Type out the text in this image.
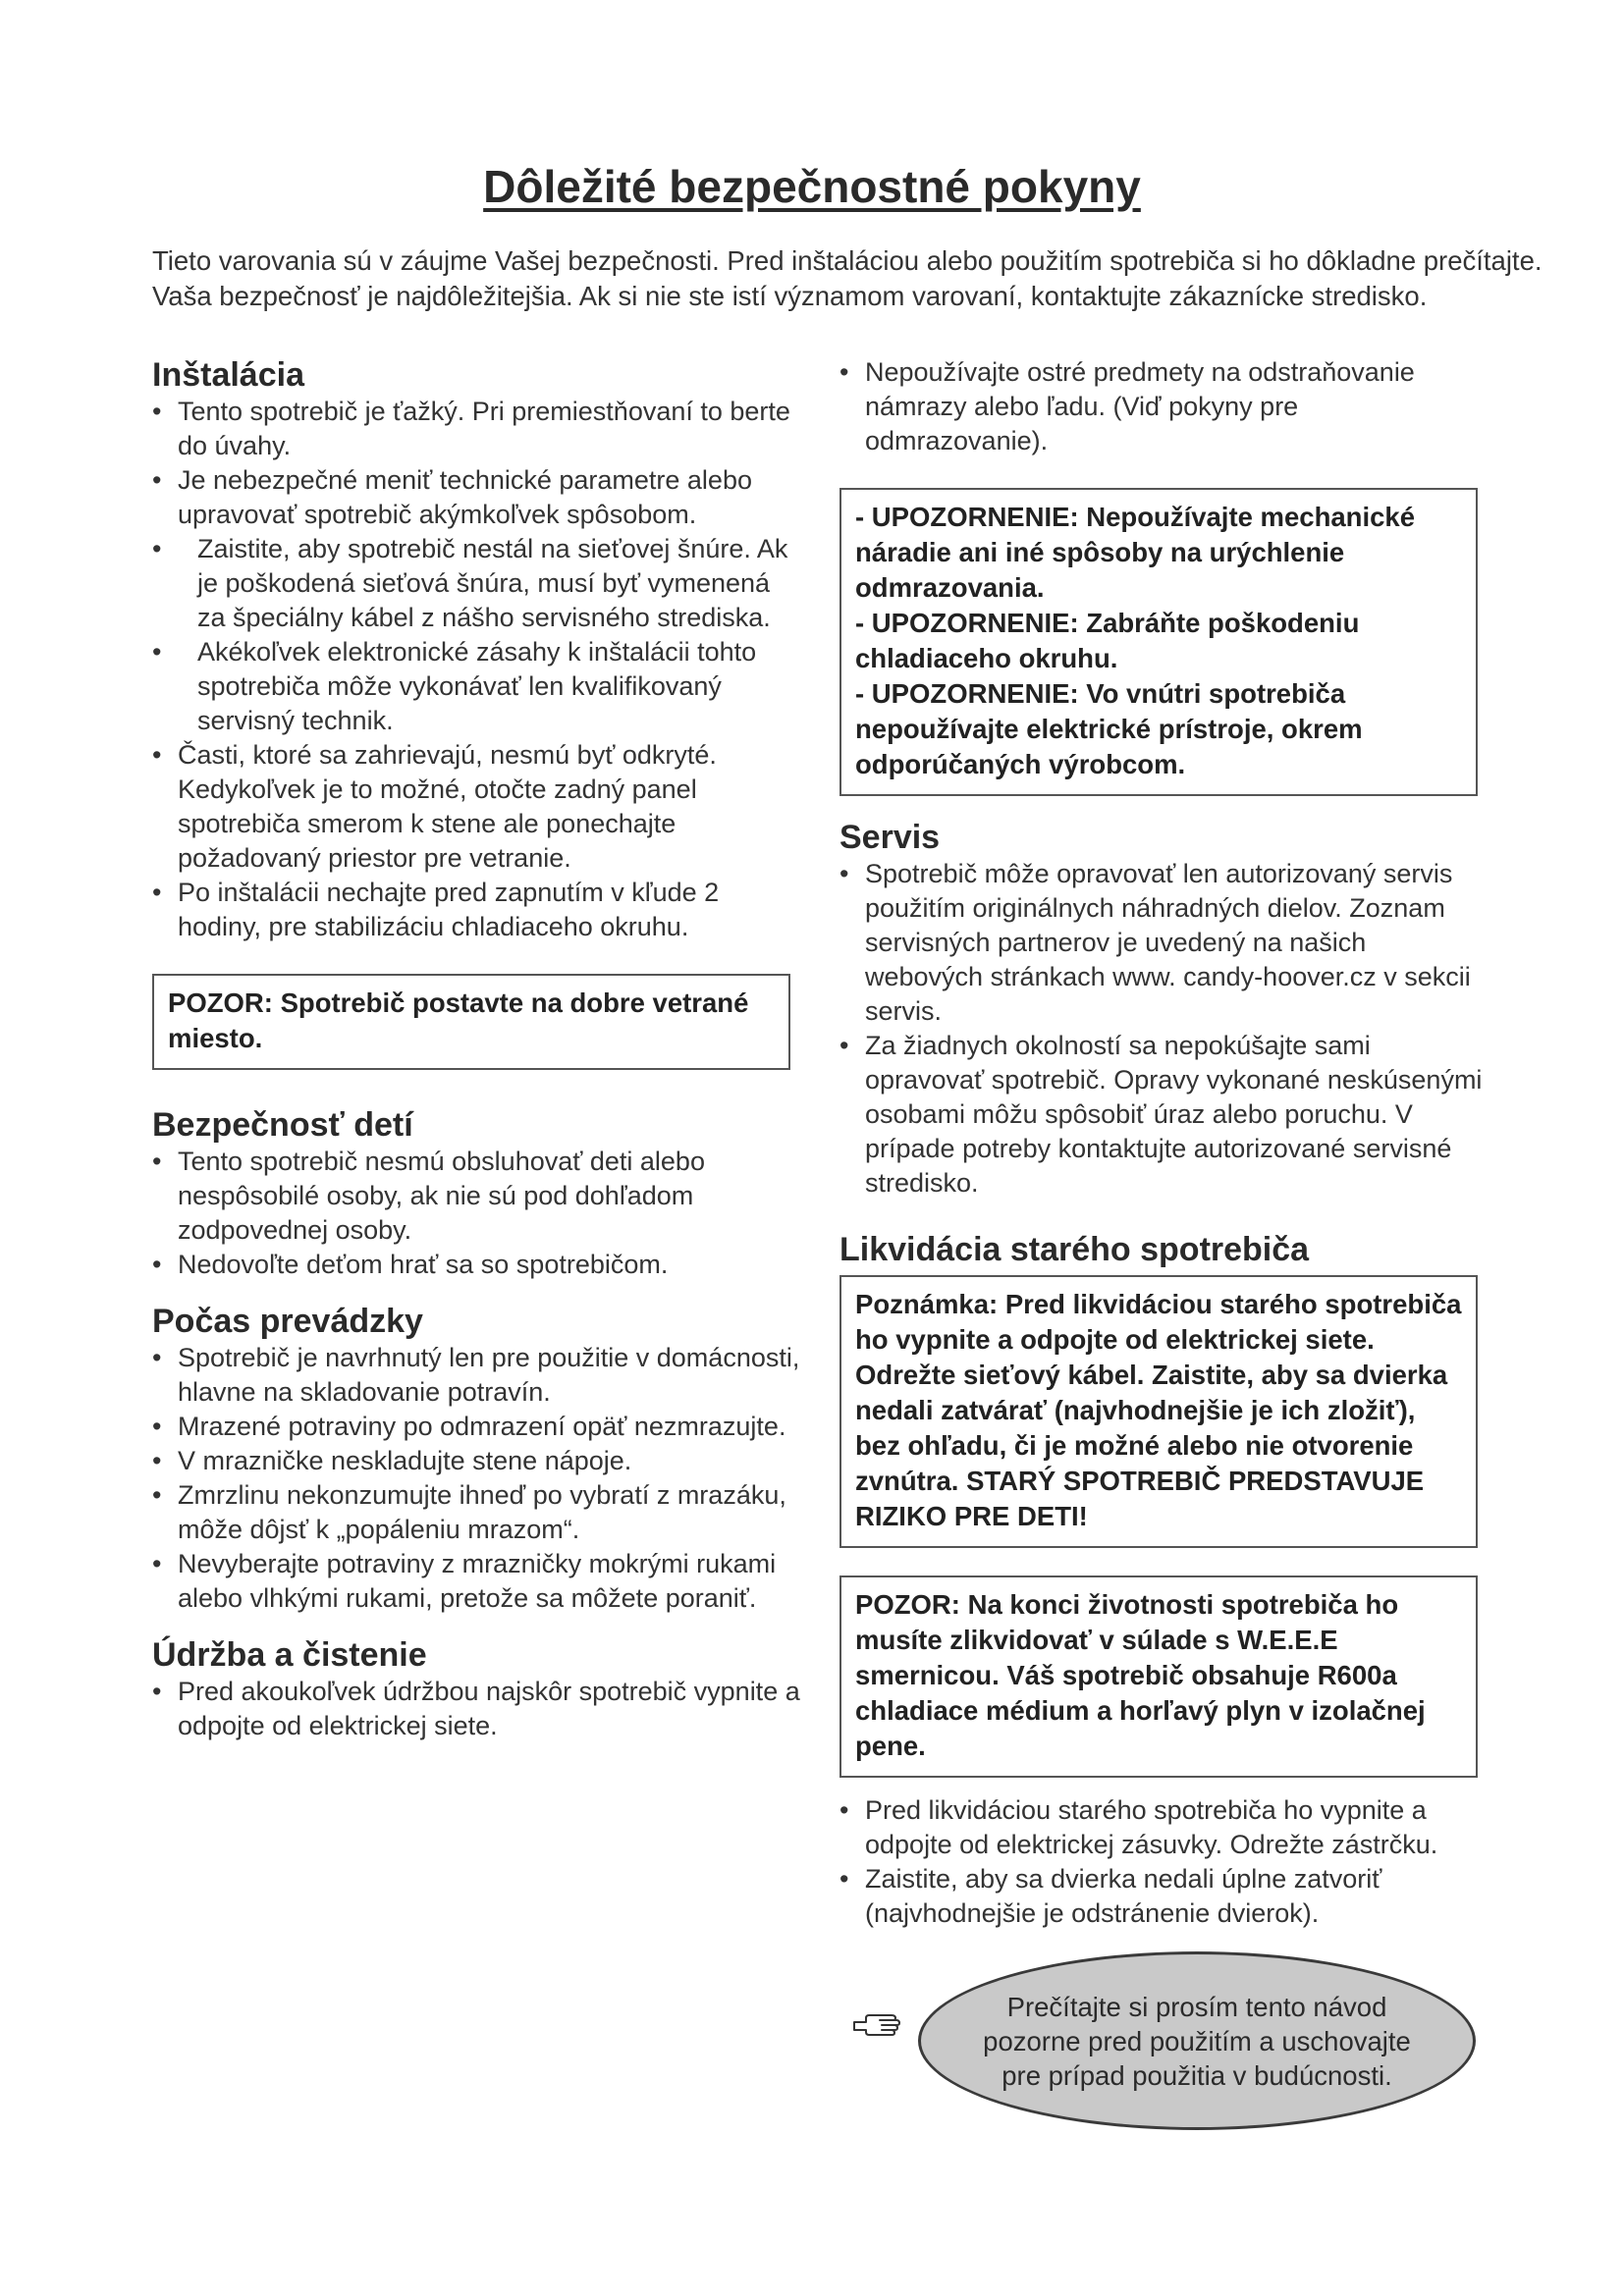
Dôležité bezpečnostné pokyny

Tieto varovania sú v záujme Vašej bezpečnosti. Pred inštaláciou alebo použitím spotrebiča si ho dôkladne prečítajte. Vaša bezpečnosť je najdôležitejšia. Ak si nie ste istí významom varovaní, kontaktujte zákaznícke stredisko.

Inštalácia
• Tento spotrebič je ťažký. Pri premiestňovaní to berte do úvahy.
• Je nebezpečné meniť technické parametre alebo upravovať spotrebič akýmkoľvek spôsobom.
•	Zaistite, aby spotrebič nestál na sieťovej šnúre. Ak je poškodená sieťová šnúra, musí byť vymenená za špeciálny kábel z nášho servisného strediska.
•	Akékoľvek elektronické zásahy k inštalácii tohto spotrebiča môže vykonávať len kvalifikovaný servisný technik.
• Časti, ktoré sa zahrievajú, nesmú byť odkryté. Kedykoľvek je to možné, otočte zadný panel spotrebiča smerom k stene ale ponechajte požadovaný priestor pre vetranie.
• Po inštalácii nechajte pred zapnutím v kľude 2 hodiny, pre stabilizáciu chladiaceho okruhu.
POZOR: Spotrebič postavte na dobre vetrané miesto.
Bezpečnosť detí
• Tento spotrebič nesmú obsluhovať deti alebo nespôsobilé osoby, ak nie sú pod dohľadom zodpovednej osoby.
• Nedovoľte deťom hrať sa so spotrebičom.
Počas prevádzky
• Spotrebič je navrhnutý len pre použitie v domácnosti, hlavne na skladovanie potravín.
• Mrazené potraviny po odmrazení opäť nezmrazujte.
• V mrazničke neskladujte stene nápoje.
• Zmrzlinu nekonzumujte ihneď po vybratí z mrazáku, môže dôjsť k „popáleniu mrazom“.
• Nevyberajte potraviny z mrazničky mokrými rukami alebo vlhkými rukami, pretože sa môžete poraniť.
Údržba a čistenie
• Pred akoukoľvek údržbou najskôr spotrebič vypnite a odpojte od elektrickej siete.
• Nepoužívajte ostré predmety na odstraňovanie námrazy alebo ľadu. (Viď pokyny pre odmrazovanie).
- UPOZORNENIE: Nepoužívajte mechanické náradie ani iné spôsoby na urýchlenie odmrazovania.
- UPOZORNENIE: Zabráňte poškodeniu chladiaceho okruhu.
- UPOZORNENIE: Vo vnútri spotrebiča nepoužívajte elektrické prístroje, okrem odporúčaných výrobcom.
Servis
• Spotrebič môže opravovať len autorizovaný servis použitím originálnych náhradných dielov. Zoznam servisných partnerov je uvedený na našich webových stránkach www. candy-hoover.cz v sekcii servis.
• Za žiadnych okolností sa nepokúšajte sami opravovať spotrebič. Opravy vykonané neskúsenými osobami môžu spôsobiť úraz alebo poruchu. V prípade potreby kontaktujte autorizované servisné stredisko.
Likvidácia starého spotrebiča
Poznámka: Pred likvidáciou starého spotrebiča ho vypnite a odpojte od elektrickej siete. Odrežte sieťový kábel. Zaistite, aby sa dvierka nedali zatvárať (najvhodnejšie je ich zložiť), bez ohľadu, či je možné alebo nie otvorenie zvnútra. STARÝ SPOTREBIČ PREDSTAVUJE RIZIKO PRE DETI!
POZOR: Na konci životnosti spotrebiča ho musíte zlikvidovať v súlade s W.E.E.E smernicou. Váš spotrebič obsahuje R600a chladiace médium a horľavý plyn v izolačnej pene.
• Pred likvidáciou starého spotrebiča ho vypnite a odpojte od elektrickej zásuvky. Odrežte zástrčku.
• Zaistite, aby sa dvierka nedali úplne zatvoriť (najvhodnejšie je odstránenie dvierok).
Prečítajte si prosím tento návod pozorne pred použitím a uschovajte pre prípad použitia v budúcnosti.
